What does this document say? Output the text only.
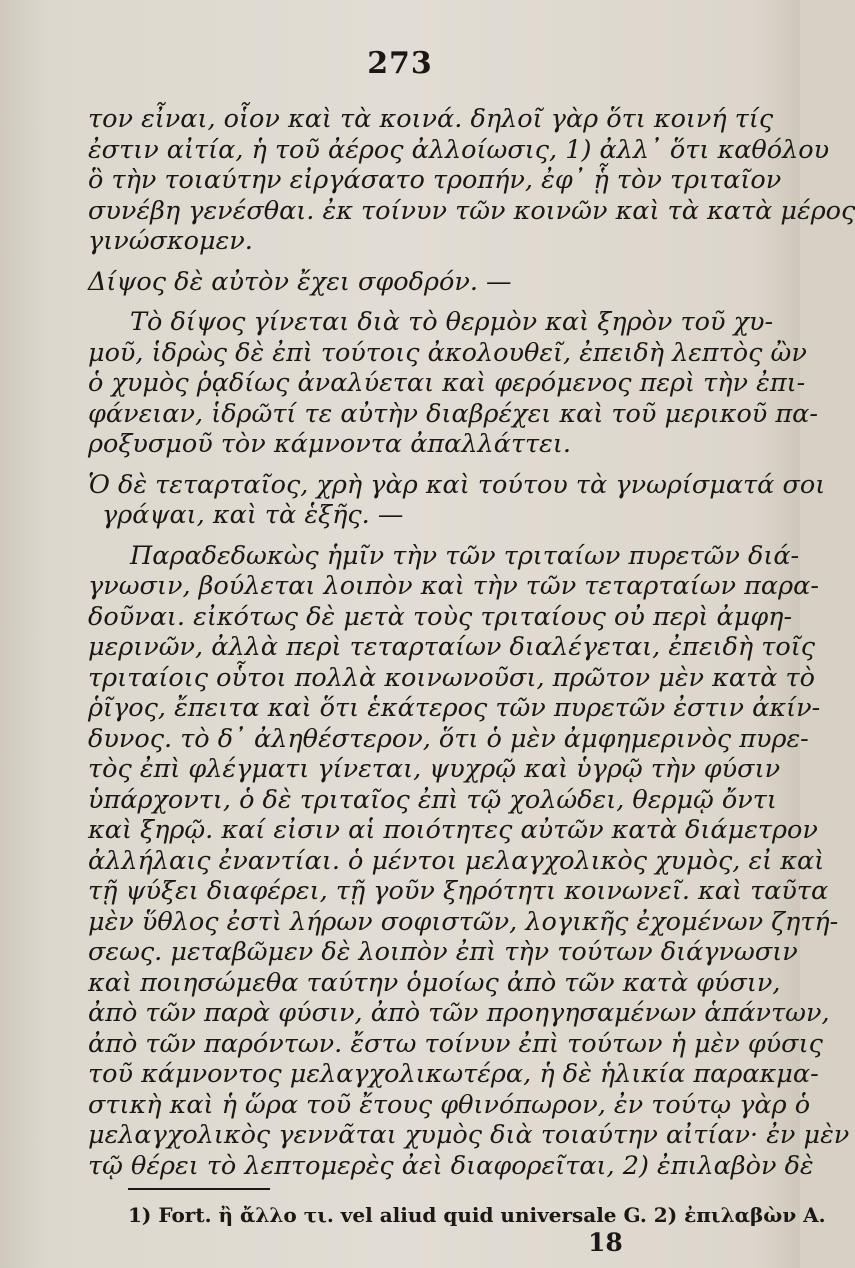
273
τον εἶναι, οἷον καὶ τὰ κοινά. δηλοῖ γὰρ ὅτι κοινή τίς
ἐστιν αἰτία, ἡ τοῦ ἀέρος ἀλλοίωσις, 1) ἀλλ᾽ ὅτι καθόλου
ὃ τὴν τοιαύτην εἰργάσατο τροπήν, ἐφ᾽ ᾗ τὸν τριταῖον
συνέβη γενέσθαι. ἐκ τοίνυν τῶν κοινῶν καὶ τὰ κατὰ μέρος
γινώσκομεν.
Δίψος δὲ αὐτὸν ἔχει σφοδρόν. —
Τὸ δίψος γίνεται διὰ τὸ θερμὸν καὶ ξηρὸν τοῦ χυ-
μοῦ, ἱδρὼς δὲ ἐπὶ τούτοις ἀκολουθεῖ, ἐπειδὴ λεπτὸς ὢν
ὁ χυμὸς ῥᾳδίως ἀναλύεται καὶ φερόμενος περὶ τὴν ἐπι-
φάνειαν, ἱδρῶτί τε αὐτὴν διαβρέχει καὶ τοῦ μερικοῦ πα-
ροξυσμοῦ τὸν κάμνοντα ἀπαλλάττει.
Ὁ δὲ τεταρταῖος, χρὴ γὰρ καὶ τούτου τὰ γνωρίσματά σοι
γράψαι, καὶ τὰ ἑξῆς. —
Παραδεδωκὼς ἡμῖν τὴν τῶν τριταίων πυρετῶν διά-
γνωσιν, βούλεται λοιπὸν καὶ τὴν τῶν τεταρταίων παρα-
δοῦναι. εἰκότως δὲ μετὰ τοὺς τριταίους οὐ περὶ ἀμφη-
μερινῶν, ἀλλὰ περὶ τεταρταίων διαλέγεται, ἐπειδὴ τοῖς
τριταίοις οὗτοι πολλὰ κοινωνοῦσι, πρῶτον μὲν κατὰ τὸ
ῥῖγος, ἔπειτα καὶ ὅτι ἑκάτερος τῶν πυρετῶν ἐστιν ἀκίν-
δυνος. τὸ δ᾽ ἀληθέστερον, ὅτι ὁ μὲν ἀμφημερινὸς πυρε-
τὸς ἐπὶ φλέγματι γίνεται, ψυχρῷ καὶ ὑγρῷ τὴν φύσιν
ὑπάρχοντι, ὁ δὲ τριταῖος ἐπὶ τῷ χολώδει, θερμῷ ὄντι
καὶ ξηρῷ. καί εἰσιν αἱ ποιότητες αὐτῶν κατὰ διάμετρον
ἀλλήλαις ἐναντίαι. ὁ μέντοι μελαγχολικὸς χυμὸς, εἰ καὶ
τῇ ψύξει διαφέρει, τῇ γοῦν ξηρότητι κοινωνεῖ. καὶ ταῦτα
μὲν ὕθλος ἐστὶ λήρων σοφιστῶν, λογικῆς ἐχομένων ζητή-
σεως. μεταβῶμεν δὲ λοιπὸν ἐπὶ τὴν τούτων διάγνωσιν
καὶ ποιησώμεθα ταύτην ὁμοίως ἀπὸ τῶν κατὰ φύσιν,
ἀπὸ τῶν παρὰ φύσιν, ἀπὸ τῶν προηγησαμένων ἁπάντων,
ἀπὸ τῶν παρόντων. ἔστω τοίνυν ἐπὶ τούτων ἡ μὲν φύσις
τοῦ κάμνοντος μελαγχολικωτέρα, ἡ δὲ ἡλικία παρακμα-
στικὴ καὶ ἡ ὥρα τοῦ ἔτους φθινόπωρον, ἐν τούτῳ γὰρ ὁ
μελαγχολικὸς γεννᾶται χυμὸς διὰ τοιαύτην αἰτίαν· ἐν μὲν
τῷ θέρει τὸ λεπτομερὲς ἀεὶ διαφορεῖται, 2) ἐπιλαβὸν δὲ
1) Fort. ἢ ἄλλο τι. vel aliud quid universale G. 2) ἐπιλαβὼν A.
18
